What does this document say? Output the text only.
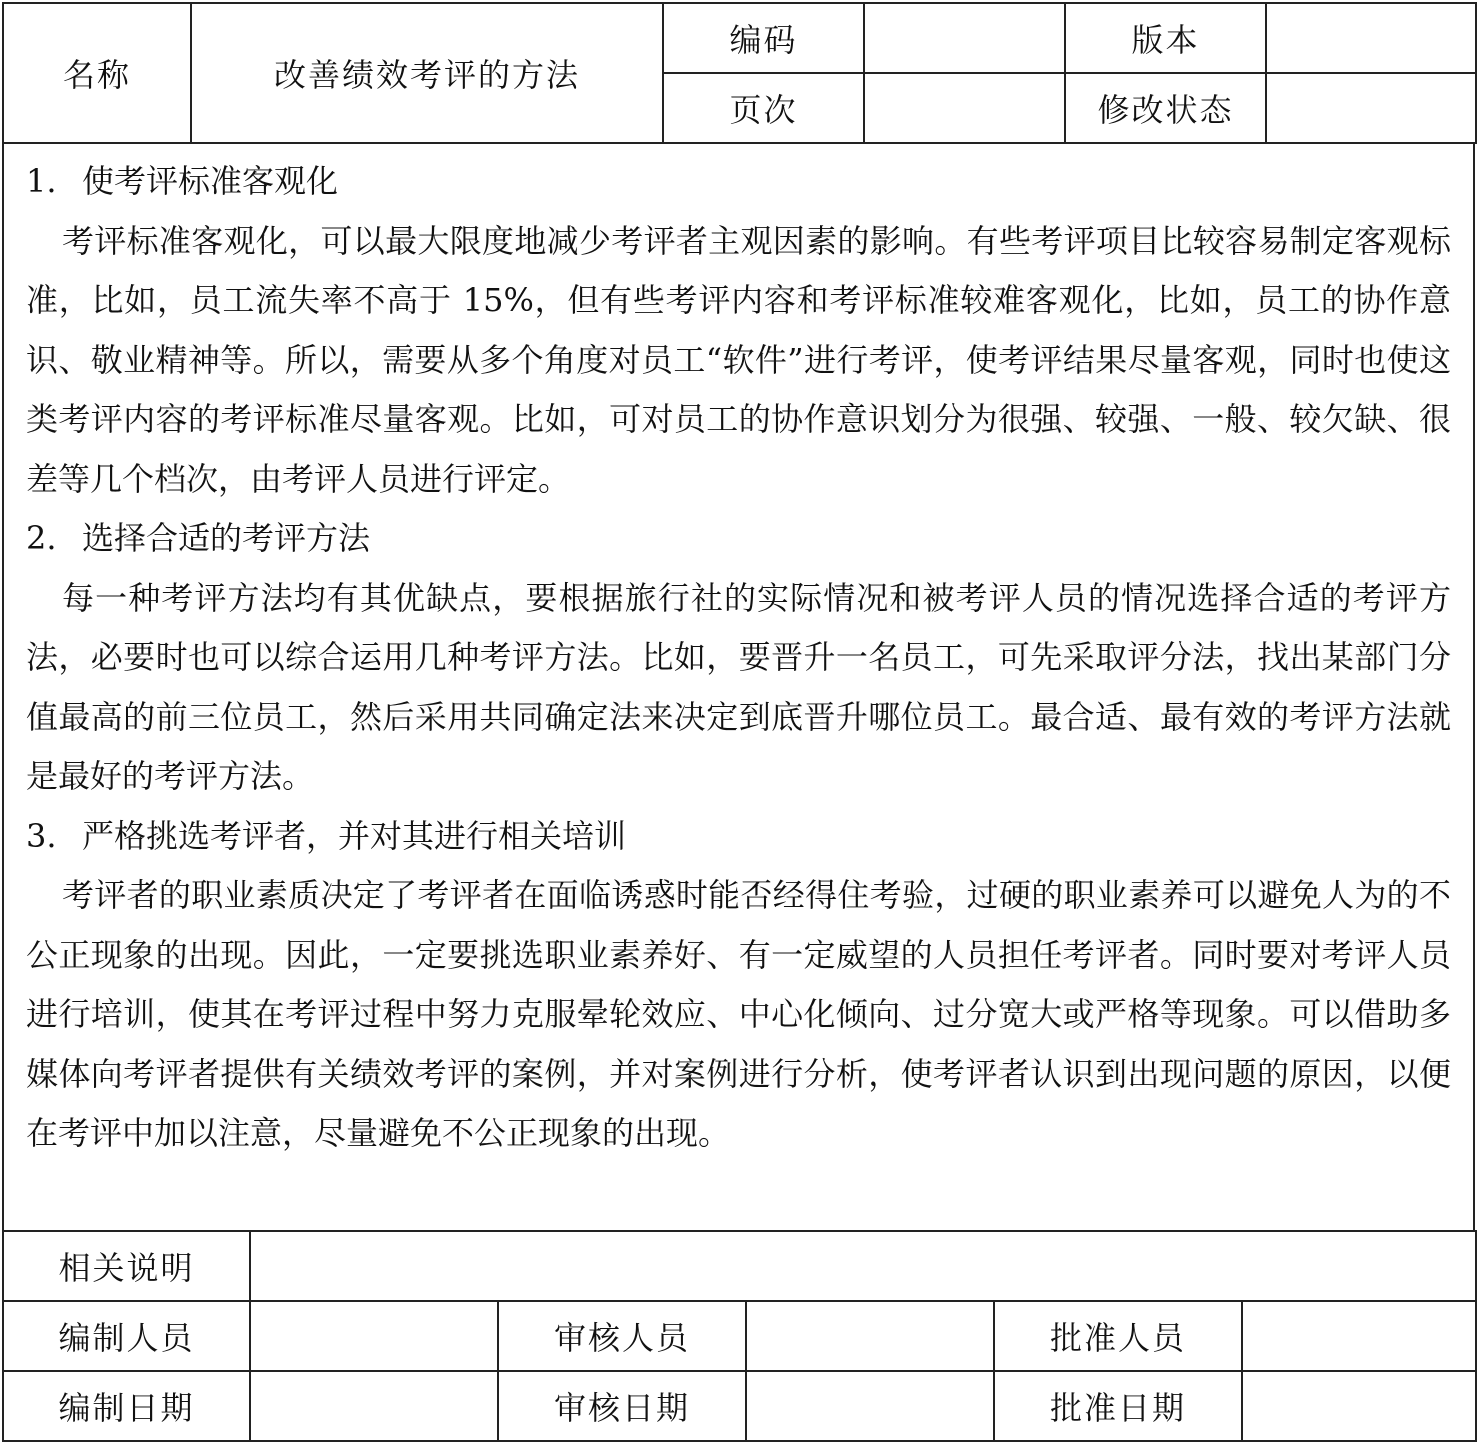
名称	改善绩效考评的方法	编码		版本	
		页次		修改状态	

1. 使考评标准客观化

考评标准客观化，可以最大限度地减少考评者主观因素的影响。有些考评项目比较容易制定客观标准，比如，员工流失率不高于 15%，但有些考评内容和考评标准较难客观化，比如，员工的协作意识、敬业精神等。所以，需要从多个角度对员工“软件”进行考评，使考评结果尽量客观，同时也使这类考评内容的考评标准尽量客观。比如，可对员工的协作意识划分为很强、较强、一般、较欠缺、很差等几个档次，由考评人员进行评定。

2. 选择合适的考评方法

每一种考评方法均有其优缺点，要根据旅行社的实际情况和被考评人员的情况选择合适的考评方法，必要时也可以综合运用几种考评方法。比如，要晋升一名员工，可先采取评分法，找出某部门分值最高的前三位员工，然后采用共同确定法来决定到底晋升哪位员工。最合适、最有效的考评方法就是最好的考评方法。

3. 严格挑选考评者，并对其进行相关培训

考评者的职业素质决定了考评者在面临诱惑时能否经得住考验，过硬的职业素养可以避免人为的不公正现象的出现。因此，一定要挑选职业素养好、有一定威望的人员担任考评者。同时要对考评人员进行培训，使其在考评过程中努力克服晕轮效应、中心化倾向、过分宽大或严格等现象。可以借助多媒体向考评者提供有关绩效考评的案例，并对案例进行分析，使考评者认识到出现问题的原因，以便在考评中加以注意，尽量避免不公正现象的出现。

相关说明					
编制人员		审核人员		批准人员	
编制日期		审核日期		批准日期	
